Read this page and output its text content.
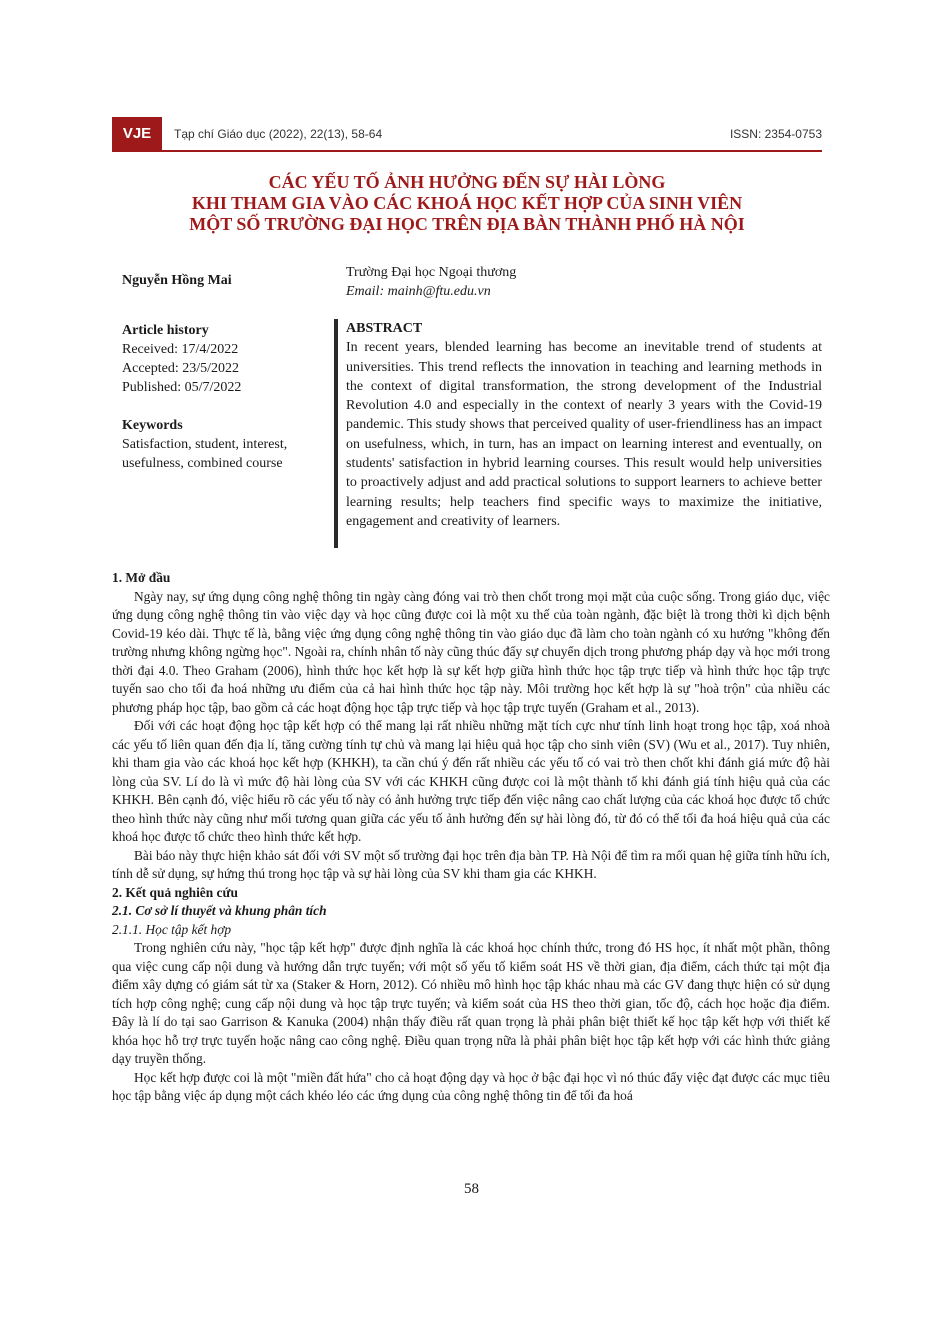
VJE	Tạp chí Giáo dục (2022), 22(13), 58-64	ISSN: 2354-0753
CÁC YẾU TỐ ẢNH HƯỞNG ĐẾN SỰ HÀI LÒNG
KHI THAM GIA VÀO CÁC KHOÁ HỌC KẾT HỢP CỦA SINH VIÊN
MỘT SỐ TRƯỜNG ĐẠI HỌC TRÊN ĐỊA BÀN THÀNH PHỐ HÀ NỘI
Nguyễn Hồng Mai
Trường Đại học Ngoại thương
Email: mainh@ftu.edu.vn
Article history
Received: 17/4/2022
Accepted: 23/5/2022
Published: 05/7/2022
Keywords
Satisfaction, student, interest, usefulness, combined course
ABSTRACT
In recent years, blended learning has become an inevitable trend of students at universities. This trend reflects the innovation in teaching and learning methods in the context of digital transformation, the strong development of the Industrial Revolution 4.0 and especially in the context of nearly 3 years with the Covid-19 pandemic. This study shows that perceived quality of user-friendliness has an impact on usefulness, which, in turn, has an impact on learning interest and eventually, on students' satisfaction in hybrid learning courses. This result would help universities to proactively adjust and add practical solutions to support learners to achieve better learning results; help teachers find specific ways to maximize the initiative, engagement and creativity of learners.
1. Mở đầu

Ngày nay, sự ứng dụng công nghệ thông tin ngày càng đóng vai trò then chốt trong mọi mặt của cuộc sống. Trong giáo dục, việc ứng dụng công nghệ thông tin vào việc dạy và học cũng được coi là một xu thế của toàn ngành, đặc biệt là trong thời kì dịch bệnh Covid-19 kéo dài. Thực tế là, bằng việc ứng dụng công nghệ thông tin vào giáo dục đã làm cho toàn ngành có xu hướng "không đến trường nhưng không ngừng học". Ngoài ra, chính nhân tố này cũng thúc đẩy sự chuyển dịch trong phương pháp dạy và học mới trong thời đại 4.0. Theo Graham (2006), hình thức học kết hợp là sự kết hợp giữa hình thức học tập trực tiếp và hình thức học tập trực tuyến sao cho tối đa hoá những ưu điểm của cả hai hình thức học tập này. Môi trường học kết hợp là sự "hoà trộn" của nhiều các phương pháp học tập, bao gồm cả các hoạt động học tập trực tiếp và học tập trực tuyến (Graham et al., 2013).

Đối với các hoạt động học tập kết hợp có thể mang lại rất nhiều những mặt tích cực như tính linh hoạt trong học tập, xoá nhoà các yếu tố liên quan đến địa lí, tăng cường tính tự chủ và mang lại hiệu quả học tập cho sinh viên (SV) (Wu et al., 2017). Tuy nhiên, khi tham gia vào các khoá học kết hợp (KHKH), ta cần chú ý đến rất nhiều các yếu tố có vai trò then chốt khi đánh giá mức độ hài lòng của SV. Lí do là vì mức độ hài lòng của SV với các KHKH cũng được coi là một thành tố khi đánh giá tính hiệu quả của các KHKH. Bên cạnh đó, việc hiểu rõ các yếu tố này có ảnh hưởng trực tiếp đến việc nâng cao chất lượng của các khoá học được tổ chức theo hình thức này cũng như mối tương quan giữa các yếu tố ảnh hưởng đến sự hài lòng đó, từ đó có thể tối đa hoá hiệu quả của các khoá học được tổ chức theo hình thức kết hợp.

Bài báo này thực hiện khảo sát đối với SV một số trường đại học trên địa bàn TP. Hà Nội để tìm ra mối quan hệ giữa tính hữu ích, tính dễ sử dụng, sự hứng thú trong học tập và sự hài lòng của SV khi tham gia các KHKH.

2. Kết quả nghiên cứu
2.1. Cơ sở lí thuyết và khung phân tích
2.1.1. Học tập kết hợp

Trong nghiên cứu này, "học tập kết hợp" được định nghĩa là các khoá học chính thức, trong đó HS học, ít nhất một phần, thông qua việc cung cấp nội dung và hướng dẫn trực tuyến; với một số yếu tố kiểm soát HS về thời gian, địa điểm, cách thức tại một địa điểm xây dựng có giám sát từ xa (Staker & Horn, 2012). Có nhiều mô hình học tập khác nhau mà các GV đang thực hiện có sử dụng tích hợp công nghệ; cung cấp nội dung và học tập trực tuyến; và kiểm soát của HS theo thời gian, tốc độ, cách học hoặc địa điểm. Đây là lí do tại sao Garrison & Kanuka (2004) nhận thấy điều rất quan trọng là phải phân biệt thiết kế học tập kết hợp với thiết kế khóa học hỗ trợ trực tuyến hoặc nâng cao công nghệ. Điều quan trọng nữa là phải phân biệt học tập kết hợp với các hình thức giảng dạy truyền thống.

Học kết hợp được coi là một "miền đất hứa" cho cả hoạt động dạy và học ở bậc đại học vì nó thúc đẩy việc đạt được các mục tiêu học tập bằng việc áp dụng một cách khéo léo các ứng dụng của công nghệ thông tin để tối đa hoá

58
